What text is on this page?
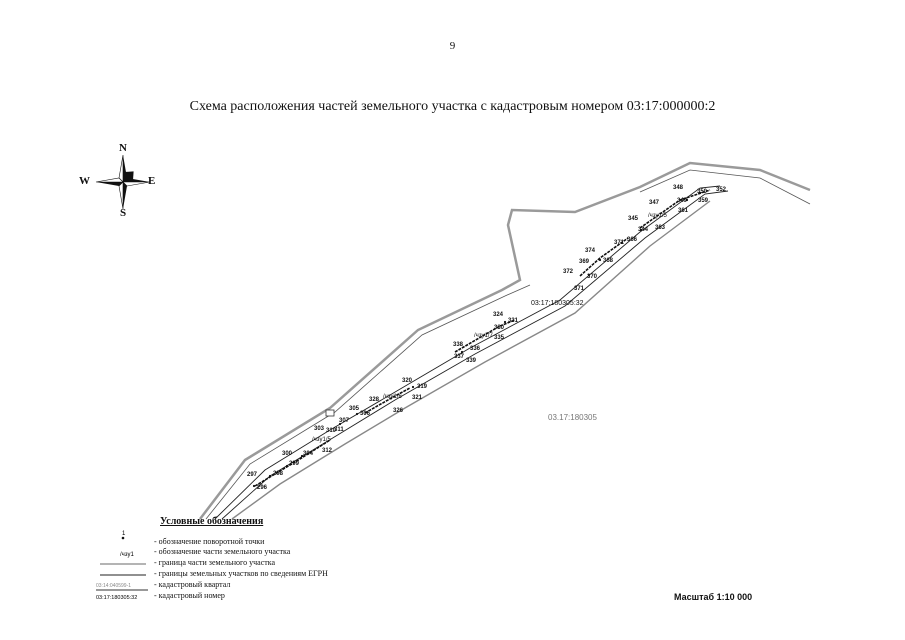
9
Схема расположения частей земельного участка с кадастровым номером 03:17:000000:2
N
S
E
W
03:17:180305:32
03.17:180305
/чзу1/5
/чзу1/6
/чзу1/7
/чзу1/5
296
297	298
299
300 304
303 311
307
310
312
305
306
328
326
320
319
321
337
339
336
335
338
330
331
324
371
372
370
369 368
374
371 366
363
344
345
361
347
348
349
350 352
359
Условные обозначения
1
- обозначение поворотной точки
/чзу1	- обозначение части земельного участка
- граница части земельного участка
- границы земельных участков по сведениям ЕГРН
03:14:040599-1	- кадастровый квартал
03:17:180305:32 - кадастровый номер	Масштаб 1:10 000
